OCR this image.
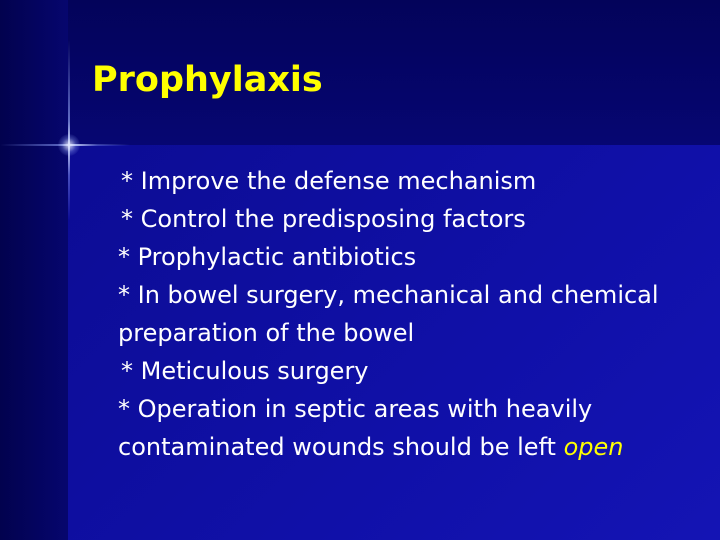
Prophylaxis
* Improve the defense mechanism
* Control the predisposing factors
* Prophylactic antibiotics
* In bowel surgery, mechanical and chemical preparation of the bowel
* Meticulous surgery
* Operation in septic areas with heavily contaminated wounds should be left open
